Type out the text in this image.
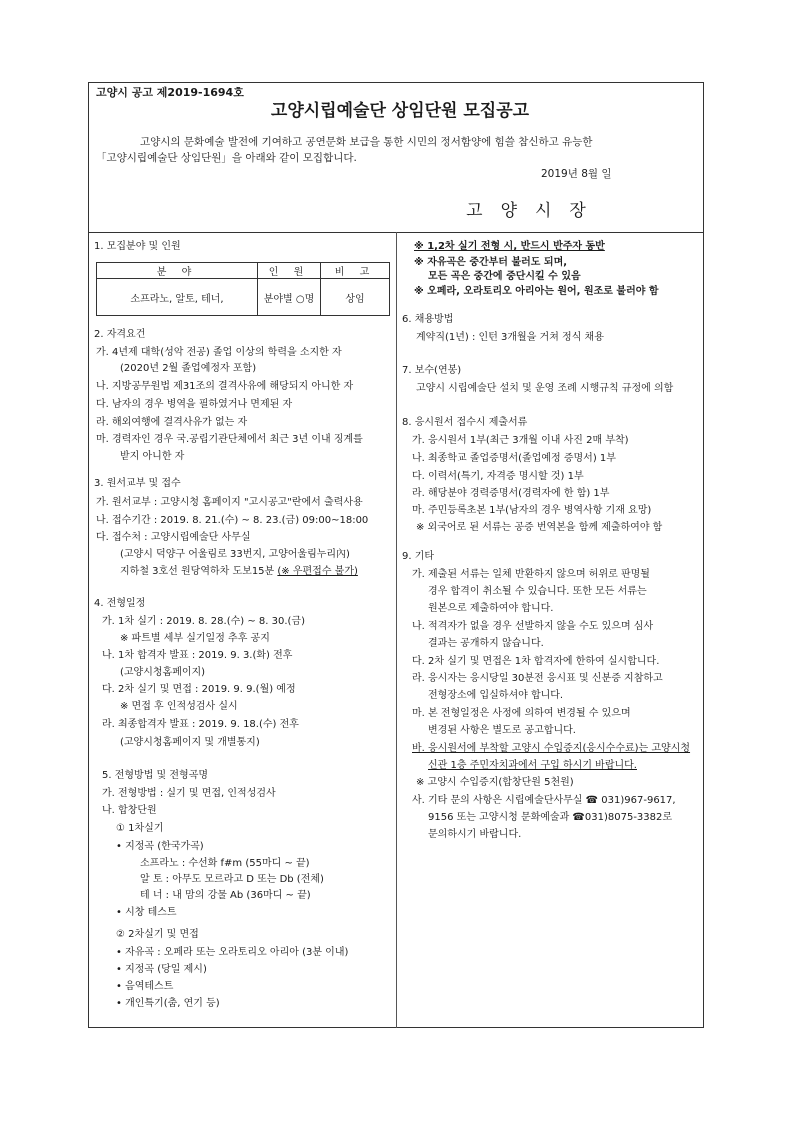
고양시 공고 제2019-1694호
고양시립예술단 상임단원 모집공고
고양시의 문화예술 발전에 기여하고 공연문화 보급을 통한 시민의 정서함양에 힘쓸 참신하고 유능한
「고양시립예술단 상임단원」을 아래와 같이 모집합니다.
2019년 8월 일
고양시장
1. 모집분야 및 인원
분 야	인 원	비 고
소프라노, 알토, 테너,	분야별 ○명	상임
2. 자격요건
가. 4년제 대학(성악 전공) 졸업 이상의 학력을 소지한 자
(2020년 2월 졸업예정자 포함)
나. 지방공무원법 제31조의 결격사유에 해당되지 아니한 자
다. 남자의 경우 병역을 필하였거나 면제된 자
라. 해외여행에 결격사유가 없는 자
마. 경력자인 경우 국.공립기관단체에서 최근 3년 이내 징계를
받지 아니한 자
3. 원서교부 및 접수
가. 원서교부 : 고양시청 홈페이지 "고시공고"란에서 출력사용
나. 접수기간 : 2019. 8. 21.(수) ~ 8. 23.(금) 09:00~18:00
다. 접수처 : 고양시립예술단 사무실
(고양시 덕양구 어울림로 33번지, 고양어울림누리內)
지하철 3호선 원당역하차 도보15분 (※ 우편접수 불가)
4. 전형일정
가. 1차 실기 : 2019. 8. 28.(수) ~ 8. 30.(금)
※ 파트별 세부 실기일정 추후 공지
나. 1차 합격자 발표 : 2019. 9. 3.(화) 전후
(고양시청홈페이지)
다. 2차 실기 및 면접 : 2019. 9. 9.(월) 예정
※ 면접 후 인적성검사 실시
라. 최종합격자 발표 : 2019. 9. 18.(수) 전후
(고양시청홈페이지 및 개별통지)
5. 전형방법 및 전형곡명
가. 전형방법 : 실기 및 면접, 인적성검사
나. 합창단원
① 1차실기
• 지정곡 (한국가곡)
소프라노 : 수선화 f#m (55마디 ~ 끝)
알 토 : 아무도 모르라고 D 또는 Db (전체)
테 너 : 내 맘의 강물 Ab (36마디 ~ 끝)
• 시창 테스트
② 2차실기 및 면접
• 자유곡 : 오페라 또는 오라토리오 아리아 (3분 이내)
• 지정곡 (당일 제시)
• 음역테스트
• 개인특기(춤, 연기 등)
※ 1,2차 실기 전형 시, 반드시 반주자 동반
※ 자유곡은 중간부터 불러도 되며,
모든 곡은 중간에 중단시킬 수 있음
※ 오페라, 오라토리오 아리아는 원어, 원조로 불러야 함
6. 채용방법
계약직(1년) : 인턴 3개월을 거쳐 정식 채용
7. 보수(연봉)
고양시 시립예술단 설치 및 운영 조례 시행규칙 규정에 의함
8. 응시원서 접수시 제출서류
가. 응시원서 1부(최근 3개월 이내 사진 2매 부착)
나. 최종학교 졸업증명서(졸업예정 증명서) 1부
다. 이력서(특기, 자격증 명시할 것) 1부
라. 해당분야 경력증명서(경력자에 한 함) 1부
마. 주민등록초본 1부(남자의 경우 병역사항 기재 요망)
※ 외국어로 된 서류는 공증 번역본을 함께 제출하여야 함
9. 기타
가. 제출된 서류는 일체 반환하지 않으며 허위로 판명될
경우 합격이 취소될 수 있습니다. 또한 모든 서류는
원본으로 제출하여야 합니다.
나. 적격자가 없을 경우 선발하지 않을 수도 있으며 심사
결과는 공개하지 않습니다.
다. 2차 실기 및 면접은 1차 합격자에 한하여 실시합니다.
라. 응시자는 응시당일 30분전 응시표 및 신분증 지참하고
전형장소에 입실하셔야 합니다.
마. 본 전형일정은 사정에 의하여 변경될 수 있으며
변경된 사항은 별도로 공고합니다.
바. 응시원서에 부착할 고양시 수입증지(응시수수료)는 고양시청
신관 1층 주민자치과에서 구입 하시기 바랍니다.
※ 고양시 수입증지(합창단원 5천원)
사. 기타 문의 사항은 시립예술단사무실 ☎ 031)967-9617,
9156 또는 고양시청 문화예술과 ☎031)8075-3382로
문의하시기 바랍니다.
